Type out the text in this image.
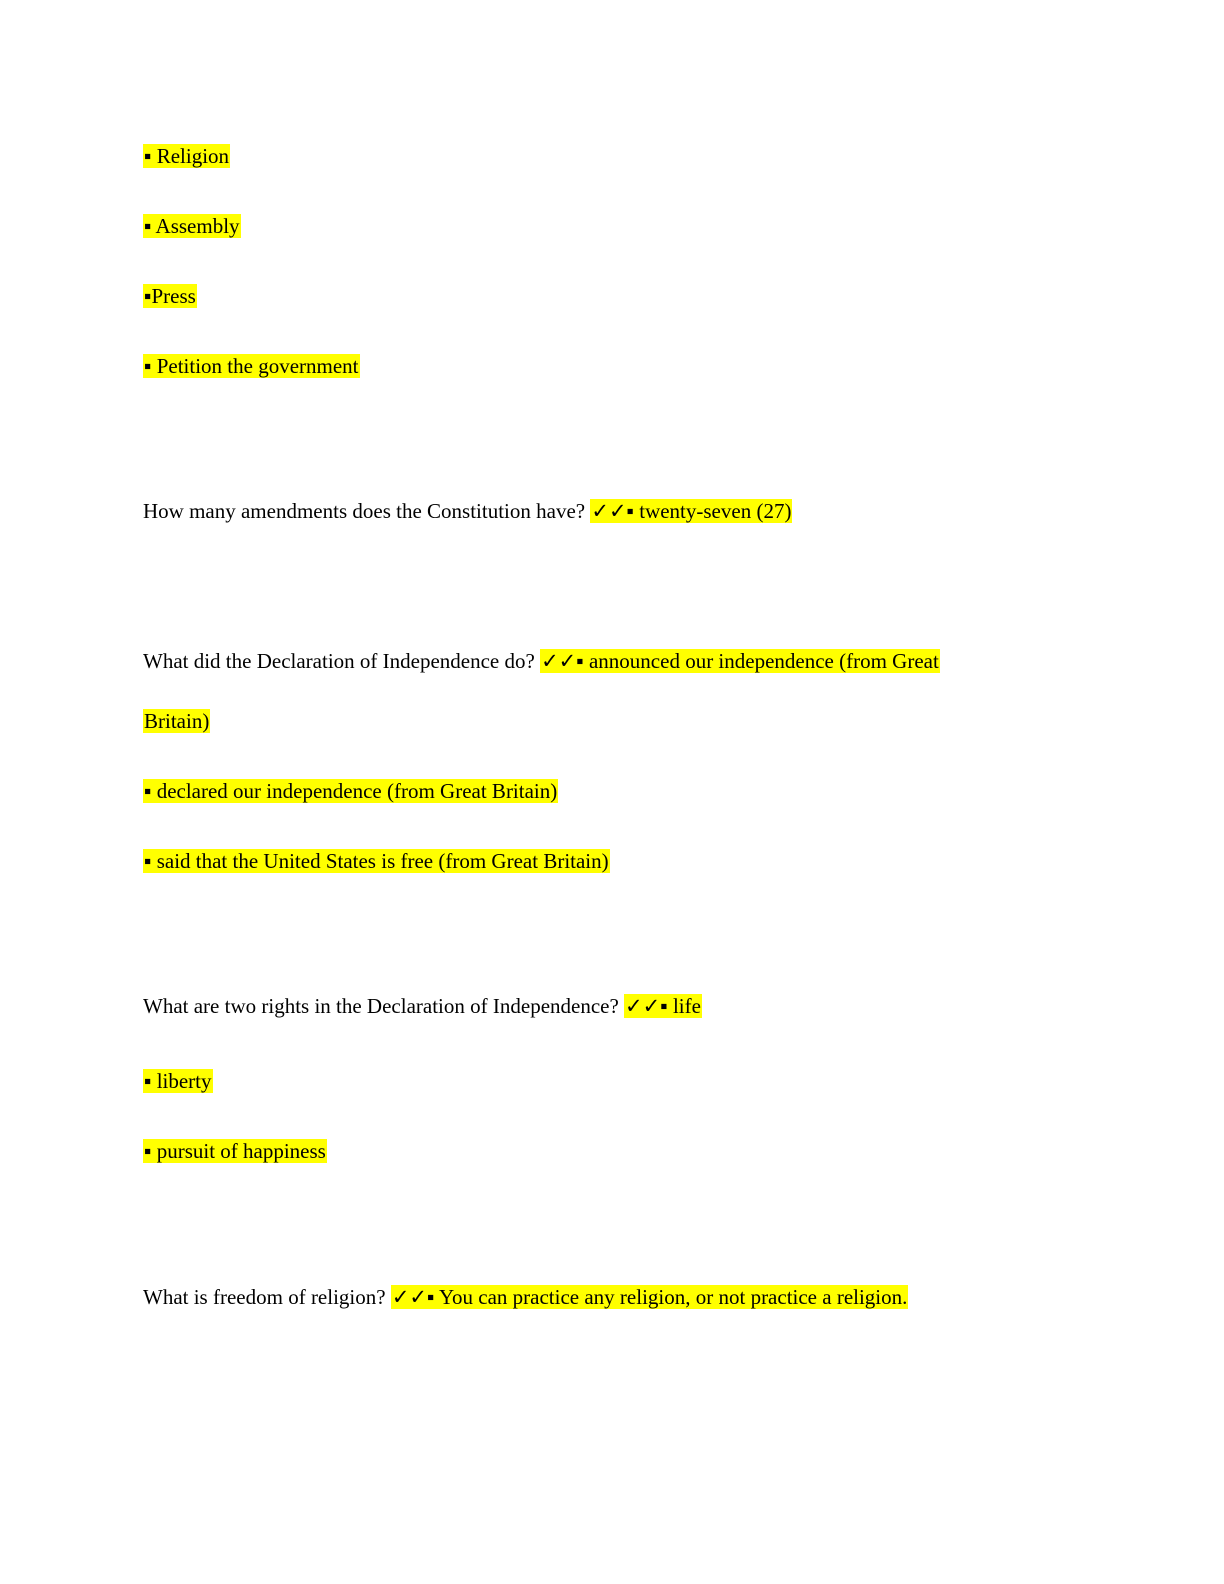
▪ Religion
▪ Assembly
▪Press
▪ Petition the government
How many amendments does the Constitution have? ✓✓▪ twenty-seven (27)
What did the Declaration of Independence do? ✓✓▪ announced our independence (from Great
Britain)
▪ declared our independence (from Great Britain)
▪ said that the United States is free (from Great Britain)
What are two rights in the Declaration of Independence? ✓✓▪ life
▪ liberty
▪ pursuit of happiness
What is freedom of religion? ✓✓▪ You can practice any religion, or not practice a religion.
